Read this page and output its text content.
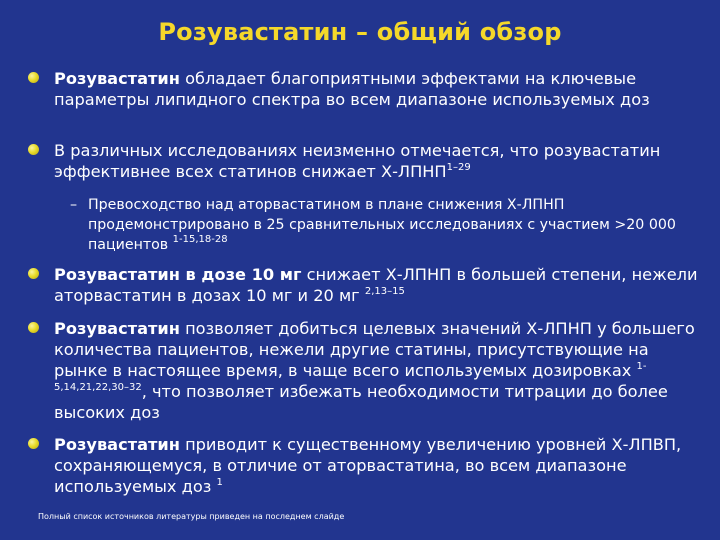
Розувастатин – общий обзор
Розувастатин обладает благоприятными эффектами на ключевые параметры липидного спектра во всем диапазоне используемых доз
В различных исследованиях неизменно отмечается, что розувастатин эффективнее всех статинов снижает Х-ЛПНП$^{1-29}$
– Превосходство над аторвастатином в плане снижения Х-ЛПНП продемонстрировано в 25 сравнительных исследованиях с участием >20 000 пациентов $^{1-15,18-28}$
Розувастатин в дозе 10 мг снижает Х-ЛПНП в большей степени, нежели аторвастатин в дозах 10 мг и 20 мг $^{2,13-15}$
Розувастатин позволяет добиться целевых значений Х-ЛПНП у большего количества пациентов, нежели другие статины, присутствующие на рынке в настоящее время, в чаще всего используемых дозировках $^{1-5,14,21,22,30-32}$, что позволяет избежать необходимости титрации до более высоких доз
Розувастатин приводит к существенному увеличению уровней Х-ЛПВП, сохраняющемуся, в отличие от аторвастатина, во всем диапазоне используемых доз $^1$
Полный список источников литературы приведен на последнем слайде
